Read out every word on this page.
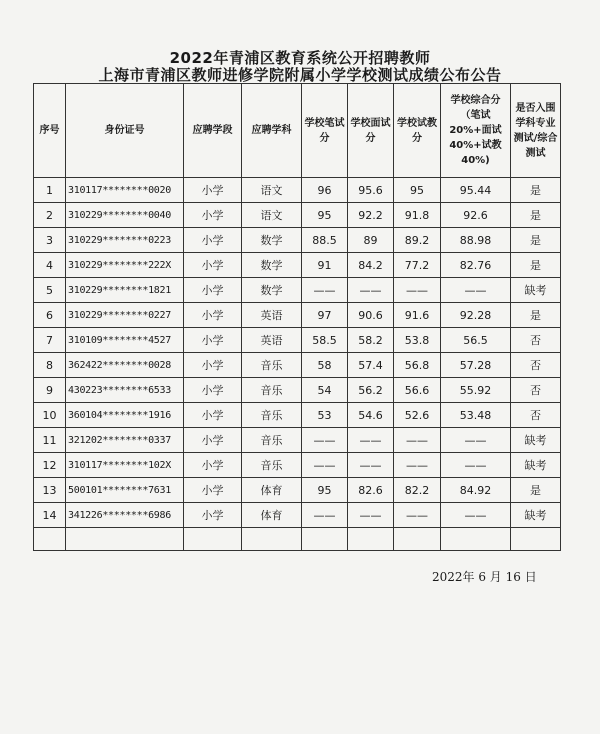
2022年青浦区教育系统公开招聘教师
上海市青浦区教师进修学院附属小学学校测试成绩公布公告
序号	身份证号	应聘学段	应聘学科	学校笔试分	学校面试分	学校试教分	学校综合分（笔试20%+面试40%+试教40%)	是否入围学科专业测试/综合测试
1	310117********0020	小学	语文	96	95.6	95	95.44	是
2	310229********0040	小学	语文	95	92.2	91.8	92.6	是
3	310229********0223	小学	数学	88.5	89	89.2	88.98	是
4	310229********222X	小学	数学	91	84.2	77.2	82.76	是
5	310229********1821	小学	数学	——	——	——	——	缺考
6	310229********0227	小学	英语	97	90.6	91.6	92.28	是
7	310109********4527	小学	英语	58.5	58.2	53.8	56.5	否
8	362422********0028	小学	音乐	58	57.4	56.8	57.28	否
9	430223********6533	小学	音乐	54	56.2	56.6	55.92	否
10	360104********1916	小学	音乐	53	54.6	52.6	53.48	否
11	321202********0337	小学	音乐	——	——	——	——	缺考
12	310117********102X	小学	音乐	——	——	——	——	缺考
13	500101********7631	小学	体育	95	82.6	82.2	84.92	是
14	341226********6986	小学	体育	——	——	——	——	缺考

2022年 6 月 16 日
